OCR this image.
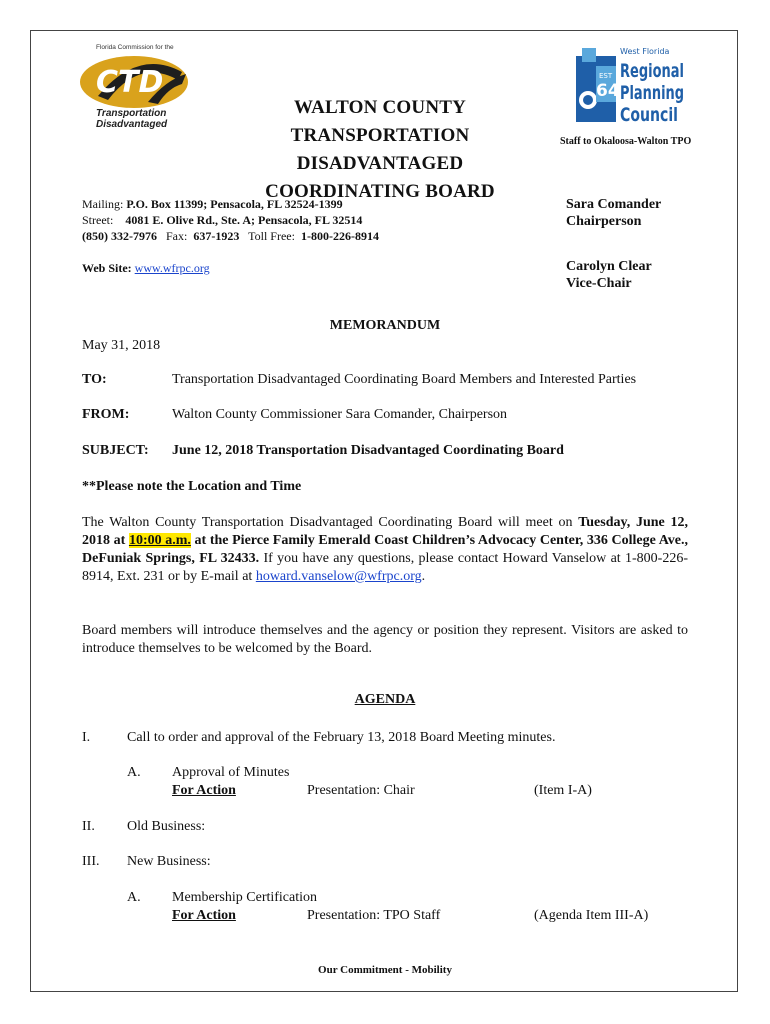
Florida Commission for the
CTD
Transportation
Disadvantaged
WALTON COUNTY
TRANSPORTATION DISADVANTAGED
COORDINATING BOARD
EST
64
West Florida
Regional
Planning
Council
Staff to Okaloosa-Walton TPO
Mailing: P.O. Box 11399; Pensacola, FL 32524-1399
Street: 4081 E. Olive Rd., Ste. A; Pensacola, FL 32514
(850) 332-7976 Fax: 637-1923 Toll Free: 1-800-226-8914
Web Site: www.wfrpc.org
Sara Comander
Chairperson
Carolyn Clear
Vice-Chair
MEMORANDUM
May 31, 2018
TO:	Transportation Disadvantaged Coordinating Board Members and Interested Parties
FROM:	Walton County Commissioner Sara Comander, Chairperson
SUBJECT: June 12, 2018 Transportation Disadvantaged Coordinating Board
**Please note the Location and Time
The Walton County Transportation Disadvantaged Coordinating Board will meet on Tuesday, June 12, 2018 at 10:00 a.m. at the Pierce Family Emerald Coast Children’s Advocacy Center, 336 College Ave., DeFuniak Springs, FL 32433. If you have any questions, please contact Howard Vanselow at 1-800-226-8914, Ext. 231 or by E-mail at howard.vanselow@wfrpc.org.
Board members will introduce themselves and the agency or position they represent. Visitors are asked to introduce themselves to be welcomed by the Board.
AGENDA
I.	Call to order and approval of the February 13, 2018 Board Meeting minutes.
A. Approval of Minutes
For Action	Presentation: Chair	(Item I-A)
II. Old Business:
III. New Business:
A. Membership Certification
For Action	Presentation: TPO Staff	(Agenda Item III-A)
Our Commitment - Mobility
